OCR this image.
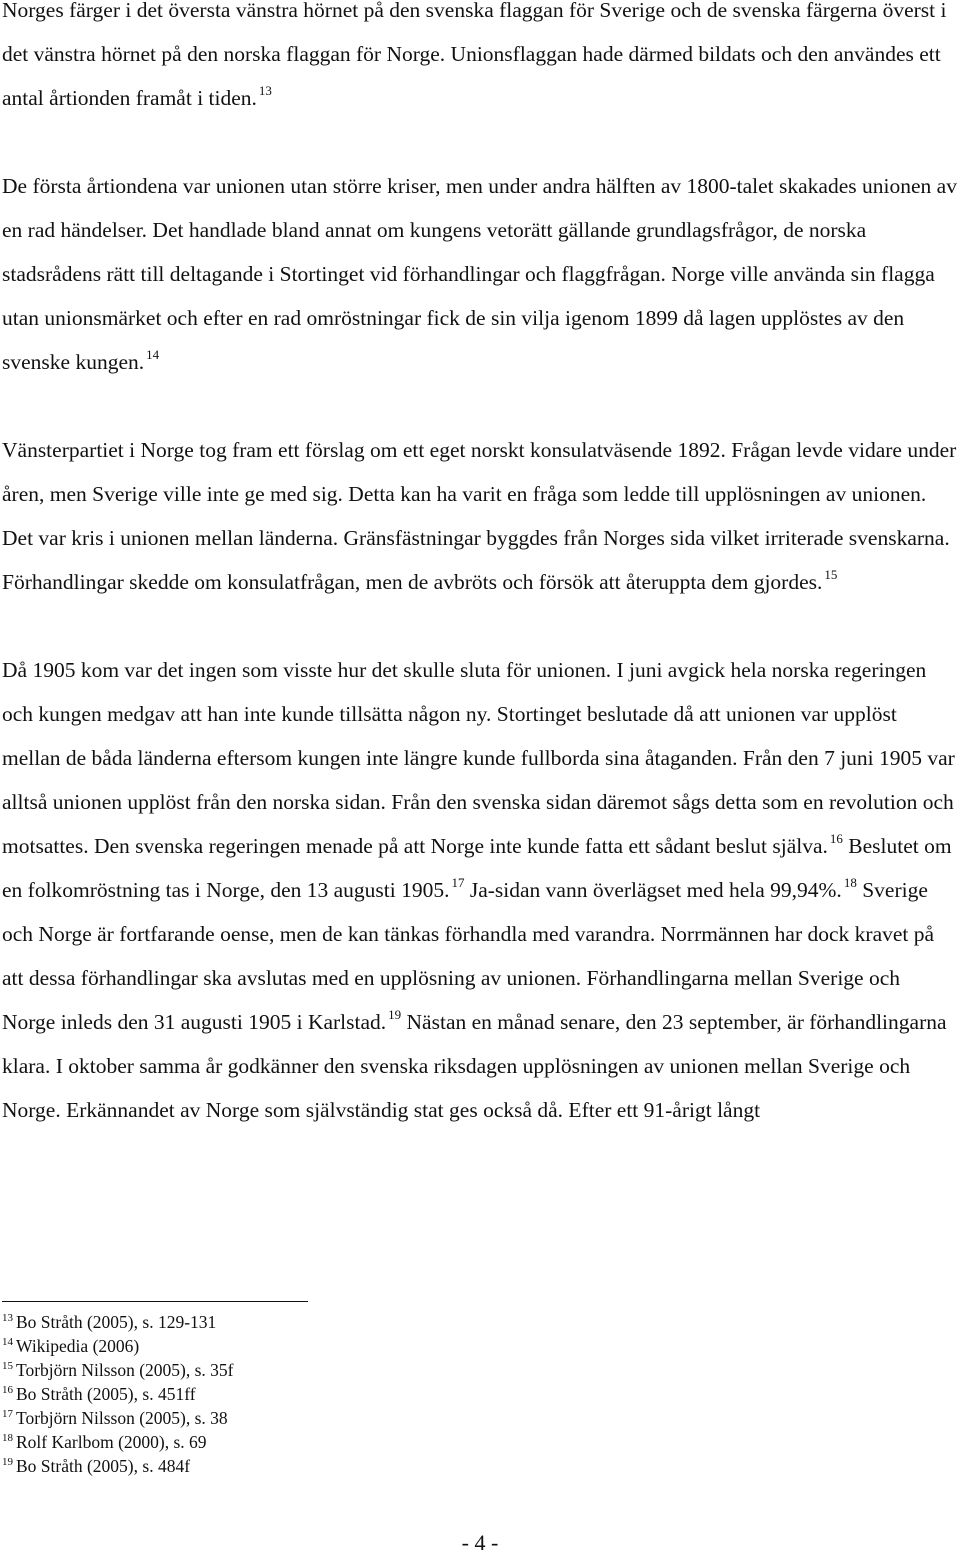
Norges färger i det översta vänstra hörnet på den svenska flaggan för Sverige och de svenska färgerna överst i det vänstra hörnet på den norska flaggan för Norge. Unionsflaggan hade därmed bildats och den användes ett antal årtionden framåt i tiden. $^{13}$

De första årtiondena var unionen utan större kriser, men under andra hälften av 1800-talet skakades unionen av en rad händelser. Det handlade bland annat om kungens vetorätt gällande grundlagsfrågor, de norska stadsrådens rätt till deltagande i Stortinget vid förhandlingar och flaggfrågan. Norge ville använda sin flagga utan unionsmärket och efter en rad omröstningar fick de sin vilja igenom 1899 då lagen upplöstes av den svenske kungen. $^{14}$

Vänsterpartiet i Norge tog fram ett förslag om ett eget norskt konsulatväsende 1892. Frågan levde vidare under åren, men Sverige ville inte ge med sig. Detta kan ha varit en fråga som ledde till upplösningen av unionen. Det var kris i unionen mellan länderna. Gränsfästningar byggdes från Norges sida vilket irriterade svenskarna. Förhandlingar skedde om konsulatfrågan, men de avbröts och försök att återuppta dem gjordes. $^{15}$

Då 1905 kom var det ingen som visste hur det skulle sluta för unionen. I juni avgick hela norska regeringen och kungen medgav att han inte kunde tillsätta någon ny. Stortinget beslutade då att unionen var upplöst mellan de båda länderna eftersom kungen inte längre kunde fullborda sina åtaganden. Från den 7 juni 1905 var alltså unionen upplöst från den norska sidan. Från den svenska sidan däremot sågs detta som en revolution och motsattes. Den svenska regeringen menade på att Norge inte kunde fatta ett sådant beslut själva. $^{16}$ Beslutet om en folkomröstning tas i Norge, den 13 augusti 1905. $^{17}$ Ja-sidan vann överlägset med hela 99,94%. $^{18}$ Sverige och Norge är fortfarande oense, men de kan tänkas förhandla med varandra. Norrmännen har dock kravet på att dessa förhandlingar ska avslutas med en upplösning av unionen. Förhandlingarna mellan Sverige och Norge inleds den 31 augusti 1905 i Karlstad. $^{19}$ Nästan en månad senare, den 23 september, är förhandlingarna klara. I oktober samma år godkänner den svenska riksdagen upplösningen av unionen mellan Sverige och Norge. Erkännandet av Norge som självständig stat ges också då. Efter ett 91-årigt långt

$^{13}$ Bo Stråth (2005), s. 129-131
$^{14}$ Wikipedia (2006)
$^{15}$ Torbjörn Nilsson (2005), s. 35f
$^{16}$ Bo Stråth (2005), s. 451ff
$^{17}$ Torbjörn Nilsson (2005), s. 38
$^{18}$ Rolf Karlbom (2000), s. 69
$^{19}$ Bo Stråth (2005), s. 484f
- 4 -
